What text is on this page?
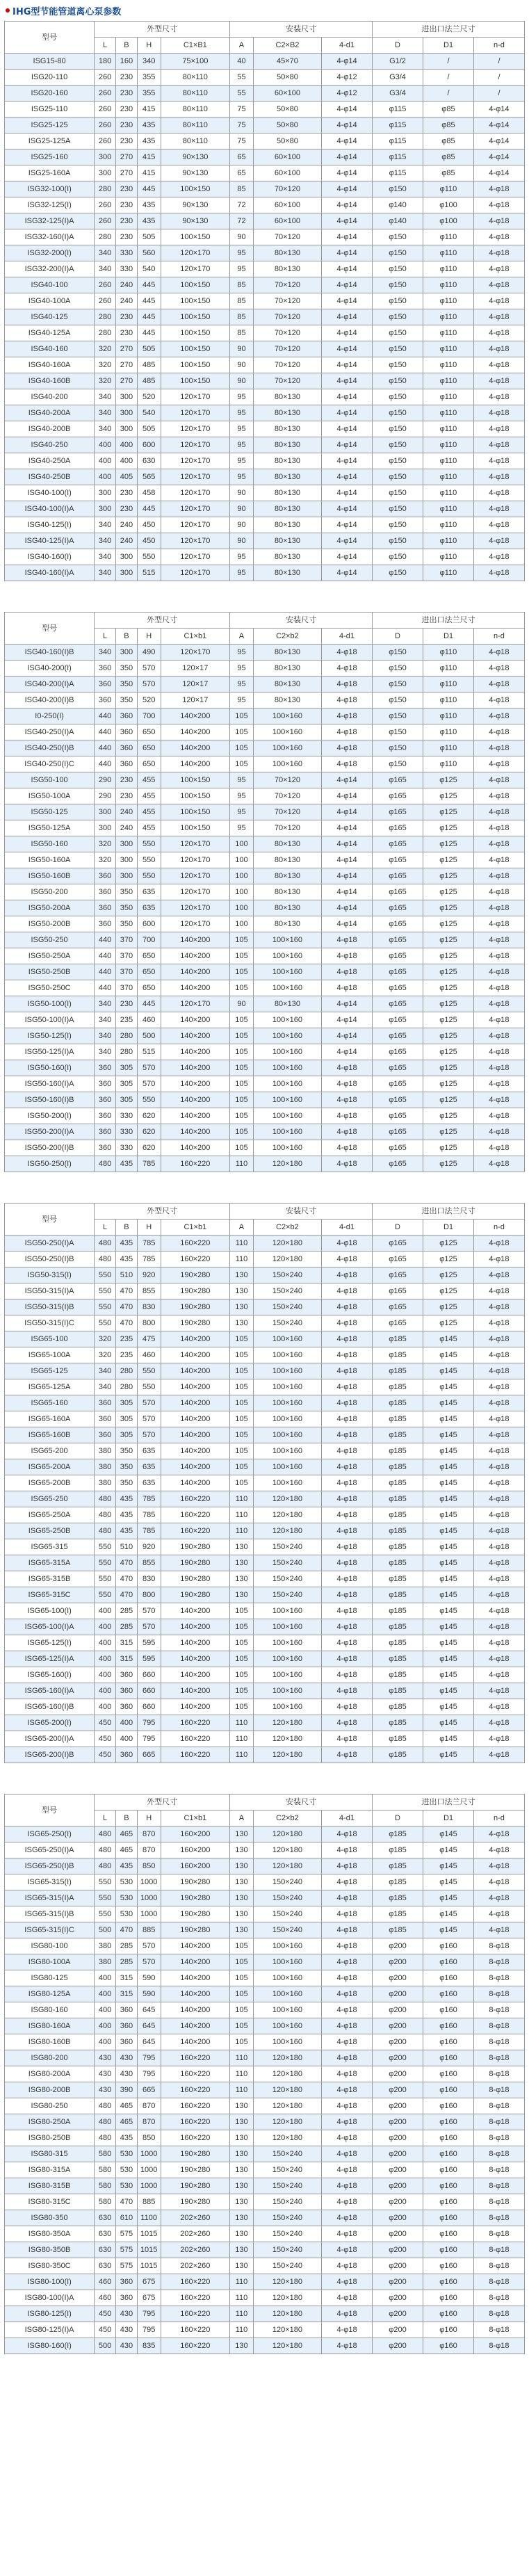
IHG型节能管道离心泵参数
型号	外型尺寸				安装尺寸			进出口法兰尺寸		
	L	B	H	C1×B1	A	C2×B2	4-d1	D	D1	n-d
ISG15-80	180	160	340	75×100	40	45×70	4-φ14	G1/2	/	/
ISG20-110	260	230	355	80×110	55	50×80	4-φ12	G3/4	/	/
ISG20-160	260	230	355	80×110	55	60×100	4-φ12	G3/4	/	/
ISG25-110	260	230	415	80×110	75	50×80	4-φ14	φ115	φ85	4-φ14
ISG25-125	260	230	435	80×110	75	50×80	4-φ14	φ115	φ85	4-φ14
ISG25-125A	260	230	435	80×110	75	50×80	4-φ14	φ115	φ85	4-φ14
ISG25-160	300	270	415	90×130	65	60×100	4-φ14	φ115	φ85	4-φ14
ISG25-160A	300	270	415	90×130	65	60×100	4-φ14	φ115	φ85	4-φ14
ISG32-100(I)	280	230	445	100×150	85	70×120	4-φ14	φ150	φ110	4-φ18
ISG32-125(I)	260	230	435	90×130	72	60×100	4-φ14	φ140	φ100	4-φ18
ISG32-125(I)A	260	230	435	90×130	72	60×100	4-φ14	φ140	φ100	4-φ18
ISG32-160(I)A	280	230	505	100×150	90	70×120	4-φ14	φ150	φ110	4-φ18
ISG32-200(I)	340	330	560	120×170	95	80×130	4-φ14	φ150	φ110	4-φ18
ISG32-200(I)A	340	330	540	120×170	95	80×130	4-φ14	φ150	φ110	4-φ18
ISG40-100	260	240	445	100×150	85	70×120	4-φ14	φ150	φ110	4-φ18
ISG40-100A	260	240	445	100×150	85	70×120	4-φ14	φ150	φ110	4-φ18
ISG40-125	280	230	445	100×150	85	70×120	4-φ14	φ150	φ110	4-φ18
ISG40-125A	280	230	445	100×150	85	70×120	4-φ14	φ150	φ110	4-φ18
ISG40-160	320	270	505	100×150	90	70×120	4-φ14	φ150	φ110	4-φ18
ISG40-160A	320	270	485	100×150	90	70×120	4-φ14	φ150	φ110	4-φ18
ISG40-160B	320	270	485	100×150	90	70×120	4-φ14	φ150	φ110	4-φ18
ISG40-200	340	300	520	120×170	95	80×130	4-φ14	φ150	φ110	4-φ18
ISG40-200A	340	300	540	120×170	95	80×130	4-φ14	φ150	φ110	4-φ18
ISG40-200B	340	300	505	120×170	95	80×130	4-φ14	φ150	φ110	4-φ18
ISG40-250	400	400	600	120×170	95	80×130	4-φ14	φ150	φ110	4-φ18
ISG40-250A	400	400	630	120×170	95	80×130	4-φ14	φ150	φ110	4-φ18
ISG40-250B	400	405	565	120×170	95	80×130	4-φ14	φ150	φ110	4-φ18
ISG40-100(I)	300	230	458	120×170	90	80×130	4-φ14	φ150	φ110	4-φ18
ISG40-100(I)A	300	230	445	120×170	90	80×130	4-φ14	φ150	φ110	4-φ18
ISG40-125(I)	340	240	450	120×170	90	80×130	4-φ14	φ150	φ110	4-φ18
ISG40-125(I)A	340	240	450	120×170	90	80×130	4-φ14	φ150	φ110	4-φ18
ISG40-160(I)	340	300	550	120×170	95	80×130	4-φ14	φ150	φ110	4-φ18
ISG40-160(I)A	340	300	515	120×170	95	80×130	4-φ14	φ150	φ110	4-φ18
型号	外型尺寸				安装尺寸			进出口法兰尺寸		
	L	B	H	C1×b1	A	C2×b2	4-d1	D	D1	n-d
ISG40-160(I)B	340	300	490	120×170	95	80×130	4-φ18	φ150	φ110	4-φ18
ISG40-200(I)	360	350	570	120×17	95	80×130	4-φ18	φ150	φ110	4-φ18
ISG40-200(I)A	360	350	570	120×17	95	80×130	4-φ18	φ150	φ110	4-φ18
ISG40-200(I)B	360	350	520	120×17	95	80×130	4-φ18	φ150	φ110	4-φ18
I0-250(I)	440	360	700	140×200	105	100×160	4-φ18	φ150	φ110	4-φ18
ISG40-250(I)A	440	360	650	140×200	105	100×160	4-φ18	φ150	φ110	4-φ18
ISG40-250(I)B	440	360	650	140×200	105	100×160	4-φ18	φ150	φ110	4-φ18
ISG40-250(I)C	440	360	650	140×200	105	100×160	4-φ18	φ150	φ110	4-φ18
ISG50-100	290	230	455	100×150	95	70×120	4-φ14	φ165	φ125	4-φ18
ISG50-100A	290	230	455	100×150	95	70×120	4-φ14	φ165	φ125	4-φ18
ISG50-125	300	240	455	100×150	95	70×120	4-φ14	φ165	φ125	4-φ18
ISG50-125A	300	240	455	100×150	95	70×120	4-φ14	φ165	φ125	4-φ18
ISG50-160	320	300	550	120×170	100	80×130	4-φ14	φ165	φ125	4-φ18
ISG50-160A	320	300	550	120×170	100	80×130	4-φ14	φ165	φ125	4-φ18
ISG50-160B	360	300	550	120×170	100	80×130	4-φ14	φ165	φ125	4-φ18
ISG50-200	360	350	635	120×170	100	80×130	4-φ14	φ165	φ125	4-φ18
ISG50-200A	360	350	635	120×170	100	80×130	4-φ14	φ165	φ125	4-φ18
ISG50-200B	360	350	600	120×170	100	80×130	4-φ14	φ165	φ125	4-φ18
ISG50-250	440	370	700	140×200	105	100×160	4-φ18	φ165	φ125	4-φ18
ISG50-250A	440	370	650	140×200	105	100×160	4-φ18	φ165	φ125	4-φ18
ISG50-250B	440	370	650	140×200	105	100×160	4-φ18	φ165	φ125	4-φ18
ISG50-250C	440	370	650	140×200	105	100×160	4-φ18	φ165	φ125	4-φ18
ISG50-100(I)	340	230	445	120×170	90	80×130	4-φ14	φ165	φ125	4-φ18
ISG50-100(I)A	340	235	460	140×200	105	100×160	4-φ14	φ165	φ125	4-φ18
ISG50-125(I)	340	280	500	140×200	105	100×160	4-φ14	φ165	φ125	4-φ18
ISG50-125(I)A	340	280	515	140×200	105	100×160	4-φ14	φ165	φ125	4-φ18
ISG50-160(I)	360	305	570	140×200	105	100×160	4-φ18	φ165	φ125	4-φ18
ISG50-160(I)A	360	305	570	140×200	105	100×160	4-φ18	φ165	φ125	4-φ18
ISG50-160(I)B	360	305	550	140×200	105	100×160	4-φ18	φ165	φ125	4-φ18
ISG50-200(I)	360	330	620	140×200	105	100×160	4-φ18	φ165	φ125	4-φ18
ISG50-200(I)A	360	330	620	140×200	105	100×160	4-φ18	φ165	φ125	4-φ18
ISG50-200(I)B	360	330	620	140×200	105	100×160	4-φ18	φ165	φ125	4-φ18
ISG50-250(I)	480	435	785	160×220	110	120×180	4-φ18	φ165	φ125	4-φ18
型号	外型尺寸				安装尺寸			进出口法兰尺寸		
	L	B	H	C1×b1	A	C2×b2	4-d1	D	D1	n-d
ISG50-250(I)A	480	435	785	160×220	110	120×180	4-φ18	φ165	φ125	4-φ18
ISG50-250(I)B	480	435	785	160×220	110	120×180	4-φ18	φ165	φ125	4-φ18
ISG50-315(I)	550	510	920	190×280	130	150×240	4-φ18	φ165	φ125	4-φ18
ISG50-315(I)A	550	470	855	190×280	130	150×240	4-φ18	φ165	φ125	4-φ18
ISG50-315(I)B	550	470	830	190×280	130	150×240	4-φ18	φ165	φ125	4-φ18
ISG50-315(I)C	550	470	800	190×280	130	150×240	4-φ18	φ165	φ125	4-φ18
ISG65-100	320	235	475	140×200	105	100×160	4-φ18	φ185	φ145	4-φ18
ISG65-100A	320	235	460	140×200	105	100×160	4-φ18	φ185	φ145	4-φ18
ISG65-125	340	280	550	140×200	105	100×160	4-φ18	φ185	φ145	4-φ18
ISG65-125A	340	280	550	140×200	105	100×160	4-φ18	φ185	φ145	4-φ18
ISG65-160	360	305	570	140×200	105	100×160	4-φ18	φ185	φ145	4-φ18
ISG65-160A	360	305	570	140×200	105	100×160	4-φ18	φ185	φ145	4-φ18
ISG65-160B	360	305	570	140×200	105	100×160	4-φ18	φ185	φ145	4-φ18
ISG65-200	380	350	635	140×200	105	100×160	4-φ18	φ185	φ145	4-φ18
ISG65-200A	380	350	635	140×200	105	100×160	4-φ18	φ185	φ145	4-φ18
ISG65-200B	380	350	635	140×200	105	100×160	4-φ18	φ185	φ145	4-φ18
ISG65-250	480	435	785	160×220	110	120×180	4-φ18	φ185	φ145	4-φ18
ISG65-250A	480	435	785	160×220	110	120×180	4-φ18	φ185	φ145	4-φ18
ISG65-250B	480	435	785	160×220	110	120×180	4-φ18	φ185	φ145	4-φ18
ISG65-315	550	510	920	190×280	130	150×240	4-φ18	φ185	φ145	4-φ18
ISG65-315A	550	470	855	190×280	130	150×240	4-φ18	φ185	φ145	4-φ18
ISG65-315B	550	470	830	190×280	130	150×240	4-φ18	φ185	φ145	4-φ18
ISG65-315C	550	470	800	190×280	130	150×240	4-φ18	φ185	φ145	4-φ18
ISG65-100(I)	400	285	570	140×200	105	100×160	4-φ18	φ185	φ145	4-φ18
ISG65-100(I)A	400	285	570	140×200	105	100×160	4-φ18	φ185	φ145	4-φ18
ISG65-125(I)	400	315	595	140×200	105	100×160	4-φ18	φ185	φ145	4-φ18
ISG65-125(I)A	400	315	595	140×200	105	100×160	4-φ18	φ185	φ145	4-φ18
ISG65-160(I)	400	360	660	140×200	105	100×160	4-φ18	φ185	φ145	4-φ18
ISG65-160(I)A	400	360	660	140×200	105	100×160	4-φ18	φ185	φ145	4-φ18
ISG65-160(I)B	400	360	660	140×200	105	100×160	4-φ18	φ185	φ145	4-φ18
ISG65-200(I)	450	400	795	160×220	110	120×180	4-φ18	φ185	φ145	4-φ18
ISG65-200(I)A	450	400	795	160×220	110	120×180	4-φ18	φ185	φ145	4-φ18
ISG65-200(I)B	450	360	665	160×220	110	120×180	4-φ18	φ185	φ145	4-φ18
型号	外型尺寸				安装尺寸			进出口法兰尺寸		
	L	B	H	C1×b1	A	C2×b2	4-d1	D	D1	n-d
ISG65-250(I)	480	465	870	160×200	130	120×180	4-φ18	φ185	φ145	4-φ18
ISG65-250(I)A	480	465	870	160×200	130	120×180	4-φ18	φ185	φ145	4-φ18
ISG65-250(I)B	480	435	850	160×200	130	120×180	4-φ18	φ185	φ145	4-φ18
ISG65-315(I)	550	530	1000	190×280	130	150×240	4-φ18	φ185	φ145	4-φ18
ISG65-315(I)A	550	530	1000	190×280	130	150×240	4-φ18	φ185	φ145	4-φ18
ISG65-315(I)B	550	530	1000	190×280	130	150×240	4-φ18	φ185	φ145	4-φ18
ISG65-315(I)C	500	470	885	190×280	130	150×240	4-φ18	φ185	φ145	4-φ18
ISG80-100	380	285	570	140×200	105	100×160	4-φ18	φ200	φ160	8-φ18
ISG80-100A	380	285	570	140×200	105	100×160	4-φ18	φ200	φ160	8-φ18
ISG80-125	400	315	590	140×200	105	100×160	4-φ18	φ200	φ160	8-φ18
ISG80-125A	400	315	590	140×200	105	100×160	4-φ18	φ200	φ160	8-φ18
ISG80-160	400	360	645	140×200	105	100×160	4-φ18	φ200	φ160	8-φ18
ISG80-160A	400	360	645	140×200	105	100×160	4-φ18	φ200	φ160	8-φ18
ISG80-160B	400	360	645	140×200	105	100×160	4-φ18	φ200	φ160	8-φ18
ISG80-200	430	430	795	160×220	110	120×180	4-φ18	φ200	φ160	8-φ18
ISG80-200A	430	430	795	160×220	110	120×180	4-φ18	φ200	φ160	8-φ18
ISG80-200B	430	390	665	160×220	110	120×180	4-φ18	φ200	φ160	8-φ18
ISG80-250	480	465	870	160×220	130	120×180	4-φ18	φ200	φ160	8-φ18
ISG80-250A	480	465	870	160×220	130	120×180	4-φ18	φ200	φ160	8-φ18
ISG80-250B	480	435	850	160×220	130	120×180	4-φ18	φ200	φ160	8-φ18
ISG80-315	580	530	1000	190×280	130	150×240	4-φ18	φ200	φ160	8-φ18
ISG80-315A	580	530	1000	190×280	130	150×240	4-φ18	φ200	φ160	8-φ18
ISG80-315B	580	530	1000	190×280	130	150×240	4-φ18	φ200	φ160	8-φ18
ISG80-315C	580	470	885	190×280	130	150×240	4-φ18	φ200	φ160	8-φ18
ISG80-350	630	610	1100	202×260	130	150×240	4-φ18	φ200	φ160	8-φ18
ISG80-350A	630	575	1015	202×260	130	150×240	4-φ18	φ200	φ160	8-φ18
ISG80-350B	630	575	1015	202×260	130	150×240	4-φ18	φ200	φ160	8-φ18
ISG80-350C	630	575	1015	202×260	130	150×240	4-φ18	φ200	φ160	8-φ18
ISG80-100(I)	460	360	675	160×220	110	120×180	4-φ18	φ200	φ160	8-φ18
ISG80-100(I)A	460	360	675	160×220	110	120×180	4-φ18	φ200	φ160	8-φ18
ISG80-125(I)	450	430	795	160×220	110	120×180	4-φ18	φ200	φ160	8-φ18
ISG80-125(I)A	450	430	795	160×220	110	120×180	4-φ18	φ200	φ160	8-φ18
ISG80-160(I)	500	430	835	160×220	130	120×180	4-φ18	φ200	φ160	8-φ18
